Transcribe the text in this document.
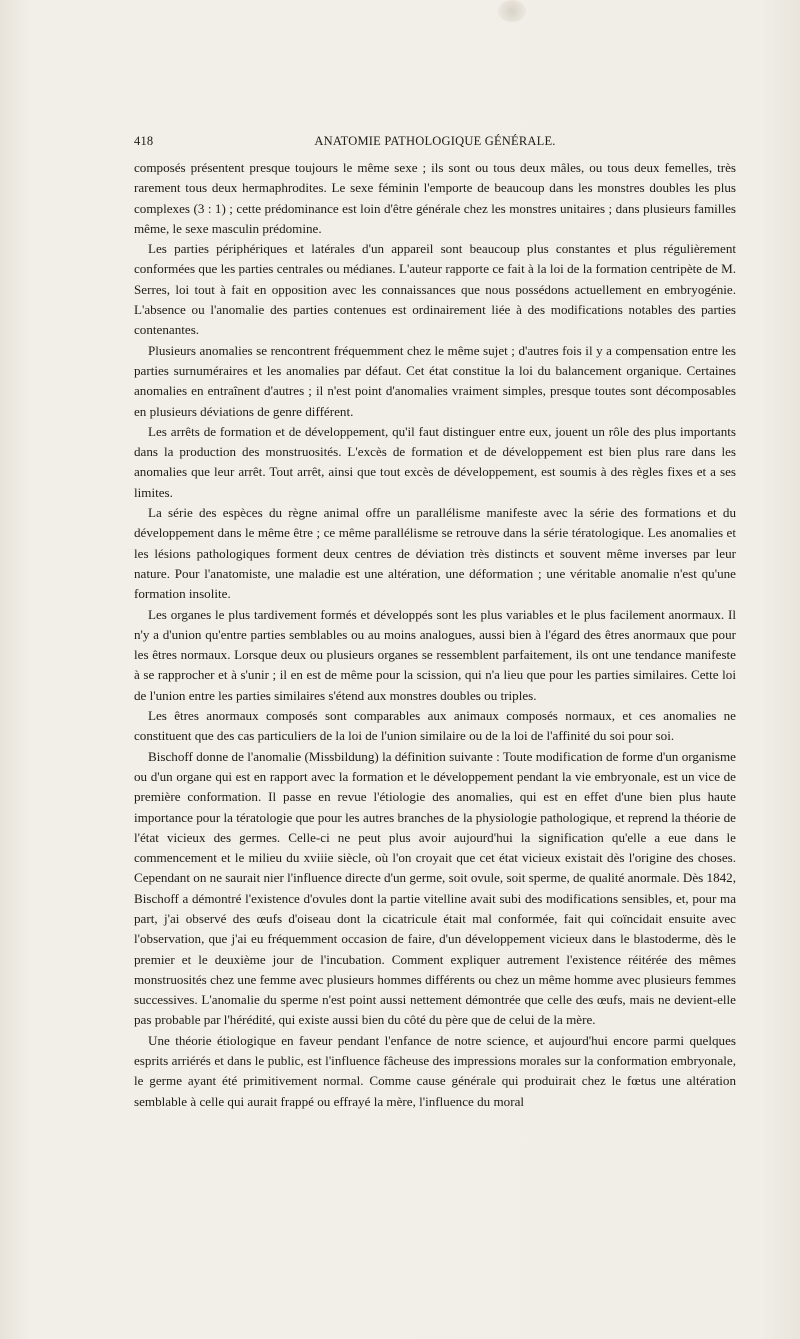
418	ANATOMIE PATHOLOGIQUE GÉNÉRALE.

composés présentent presque toujours le même sexe ; ils sont ou tous deux mâles, ou tous deux femelles, très rarement tous deux hermaphrodites. Le sexe féminin l'emporte de beaucoup dans les monstres doubles les plus complexes (3 : 1) ; cette prédominance est loin d'être générale chez les monstres unitaires ; dans plusieurs familles même, le sexe masculin prédomine.

Les parties périphériques et latérales d'un appareil sont beaucoup plus constantes et plus régulièrement conformées que les parties centrales ou médianes. L'auteur rapporte ce fait à la loi de la formation centripète de M. Serres, loi tout à fait en opposition avec les connaissances que nous possédons actuellement en embryogénie. L'absence ou l'anomalie des parties contenues est ordinairement liée à des modifications notables des parties contenantes.

Plusieurs anomalies se rencontrent fréquemment chez le même sujet ; d'autres fois il y a compensation entre les parties surnuméraires et les anomalies par défaut. Cet état constitue la loi du balancement organique. Certaines anomalies en entraînent d'autres ; il n'est point d'anomalies vraiment simples, presque toutes sont décomposables en plusieurs déviations de genre différent.

Les arrêts de formation et de développement, qu'il faut distinguer entre eux, jouent un rôle des plus importants dans la production des monstruosités. L'excès de formation et de développement est bien plus rare dans les anomalies que leur arrêt. Tout arrêt, ainsi que tout excès de développement, est soumis à des règles fixes et a ses limites.

La série des espèces du règne animal offre un parallélisme manifeste avec la série des formations et du développement dans le même être ; ce même parallélisme se retrouve dans la série tératologique. Les anomalies et les lésions pathologiques forment deux centres de déviation très distincts et souvent même inverses par leur nature. Pour l'anatomiste, une maladie est une altération, une déformation ; une véritable anomalie n'est qu'une formation insolite.

Les organes le plus tardivement formés et développés sont les plus variables et le plus facilement anormaux. Il n'y a d'union qu'entre parties semblables ou au moins analogues, aussi bien à l'égard des êtres anormaux que pour les êtres normaux. Lorsque deux ou plusieurs organes se ressemblent parfaitement, ils ont une tendance manifeste à se rapprocher et à s'unir ; il en est de même pour la scission, qui n'a lieu que pour les parties similaires. Cette loi de l'union entre les parties similaires s'étend aux monstres doubles ou triples.

Les êtres anormaux composés sont comparables aux animaux composés normaux, et ces anomalies ne constituent que des cas particuliers de la loi de l'union similaire ou de la loi de l'affinité du soi pour soi.

Bischoff donne de l'anomalie (Missbildung) la définition suivante : Toute modification de forme d'un organisme ou d'un organe qui est en rapport avec la formation et le développement pendant la vie embryonale, est un vice de première conformation. Il passe en revue l'étiologie des anomalies, qui est en effet d'une bien plus haute importance pour la tératologie que pour les autres branches de la physiologie pathologique, et reprend la théorie de l'état vicieux des germes. Celle-ci ne peut plus avoir aujourd'hui la signification qu'elle a eue dans le commencement et le milieu du xviiie siècle, où l'on croyait que cet état vicieux existait dès l'origine des choses. Cependant on ne saurait nier l'influence directe d'un germe, soit ovule, soit sperme, de qualité anormale. Dès 1842, Bischoff a démontré l'existence d'ovules dont la partie vitelline avait subi des modifications sensibles, et, pour ma part, j'ai observé des œufs d'oiseau dont la cicatricule était mal conformée, fait qui coïncidait ensuite avec l'observation, que j'ai eu fréquemment occasion de faire, d'un développement vicieux dans le blastoderme, dès le premier et le deuxième jour de l'incubation. Comment expliquer autrement l'existence réitérée des mêmes monstruosités chez une femme avec plusieurs hommes différents ou chez un même homme avec plusieurs femmes successives. L'anomalie du sperme n'est point aussi nettement démontrée que celle des œufs, mais ne devient-elle pas probable par l'hérédité, qui existe aussi bien du côté du père que de celui de la mère.

Une théorie étiologique en faveur pendant l'enfance de notre science, et aujourd'hui encore parmi quelques esprits arriérés et dans le public, est l'influence fâcheuse des impressions morales sur la conformation embryonale, le germe ayant été primitivement normal. Comme cause générale qui produirait chez le fœtus une altération semblable à celle qui aurait frappé ou effrayé la mère, l'influence du moral
